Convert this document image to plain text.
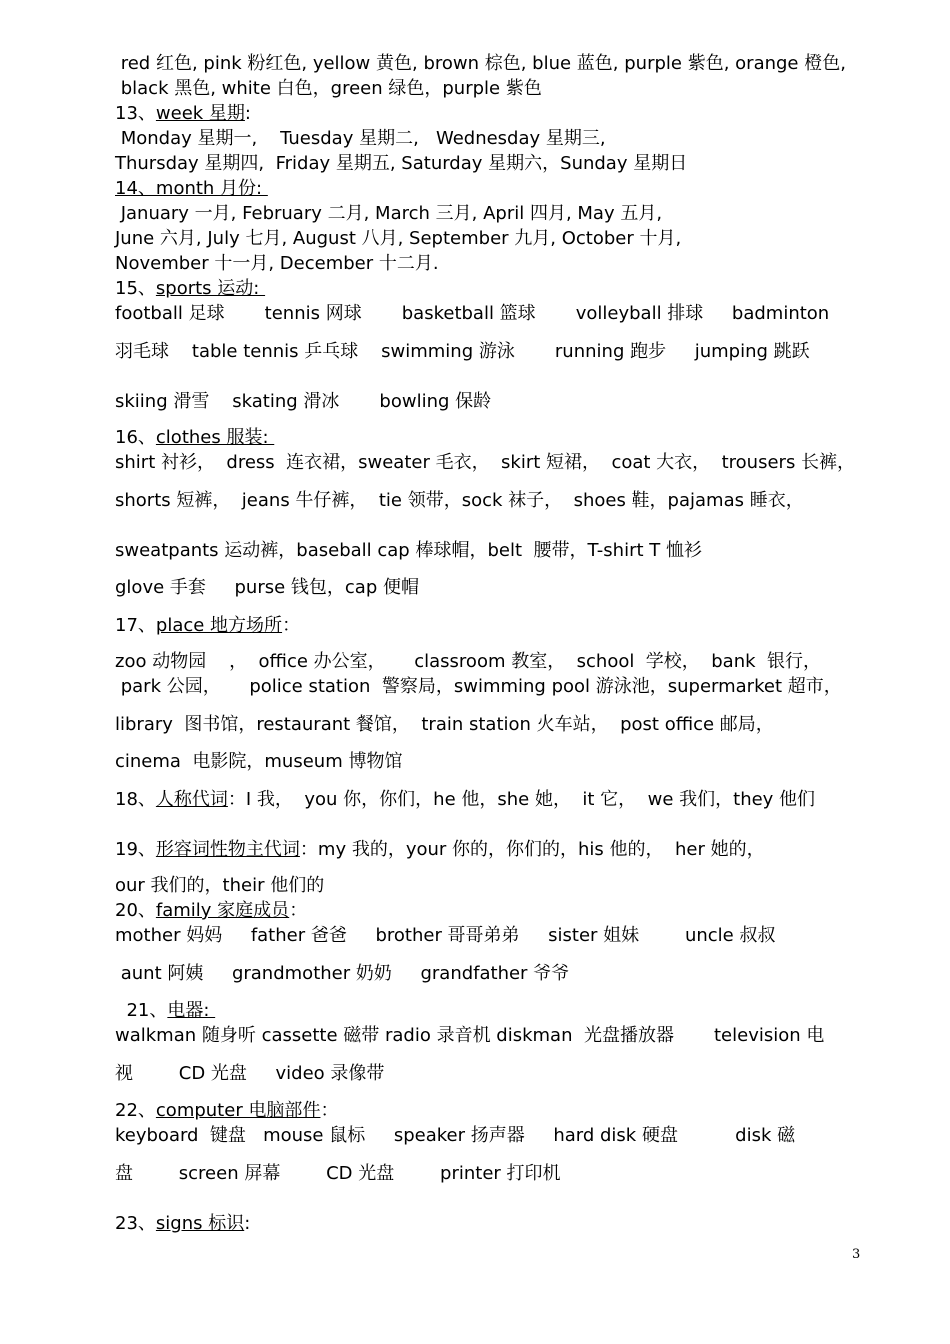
red 红色, pink 粉红色, yellow 黄色, brown 棕色, blue 蓝色, purple 紫色, orange 橙色,
black 黑色, white 白色，green 绿色，purple 紫色
13、week 星期:
Monday 星期一,    Tuesday 星期二,   Wednesday 星期三,
Thursday 星期四,  Friday 星期五, Saturday 星期六，Sunday 星期日
14、month 月份:
January 一月, February 二月, March 三月, April 四月, May 五月,
June 六月, July 七月, August 八月, September 九月, October 十月,
November 十一月, December 十二月.
15、sports 运动:
football 足球       tennis 网球       basketball 篮球       volleyball 排球     badminton
羽毛球    table tennis 乒乓球    swimming 游泳       running 跑步     jumping 跳跃
skiing 滑雪    skating 滑冰       bowling 保龄
16、clothes 服装:
shirt 衬衫，  dress  连衣裙，sweater 毛衣，  skirt 短裙，  coat 大衣，  trousers 长裤，
shorts 短裤，  jeans 牛仔裤，  tie 领带，sock 袜子，  shoes 鞋，pajamas 睡衣，
sweatpants 运动裤，baseball cap 棒球帽，belt  腰带，T-shirt T 恤衫
glove 手套     purse 钱包，cap 便帽
17、place 地方场所：
zoo 动物园    ，  office 办公室，     classroom 教室，  school  学校，  bank  银行，
park 公园，     police station  警察局，swimming pool 游泳池，supermarket 超市，
library  图书馆，restaurant 餐馆，  train station 火车站，  post office 邮局，
cinema  电影院，museum 博物馆
18、人称代词：I 我，  you 你，你们，he 他，she 她，  it 它，  we 我们，they 他们
19、形容词性物主代词：my 我的，your 你的，你们的，his 他的，  her 她的，
our 我们的，their 他们的
20、family 家庭成员：
mother 妈妈     father 爸爸     brother 哥哥弟弟     sister 姐妹        uncle 叔叔
aunt 阿姨     grandmother 奶奶     grandfather 爷爷
21、电器:
walkman 随身听 cassette 磁带 radio 录音机 diskman  光盘播放器       television 电
视        CD 光盘     video 录像带
22、computer 电脑部件：
keyboard  键盘   mouse 鼠标     speaker 扬声器     hard disk 硬盘          disk 磁
盘        screen 屏幕        CD 光盘        printer 打印机
23、signs 标识:
3
